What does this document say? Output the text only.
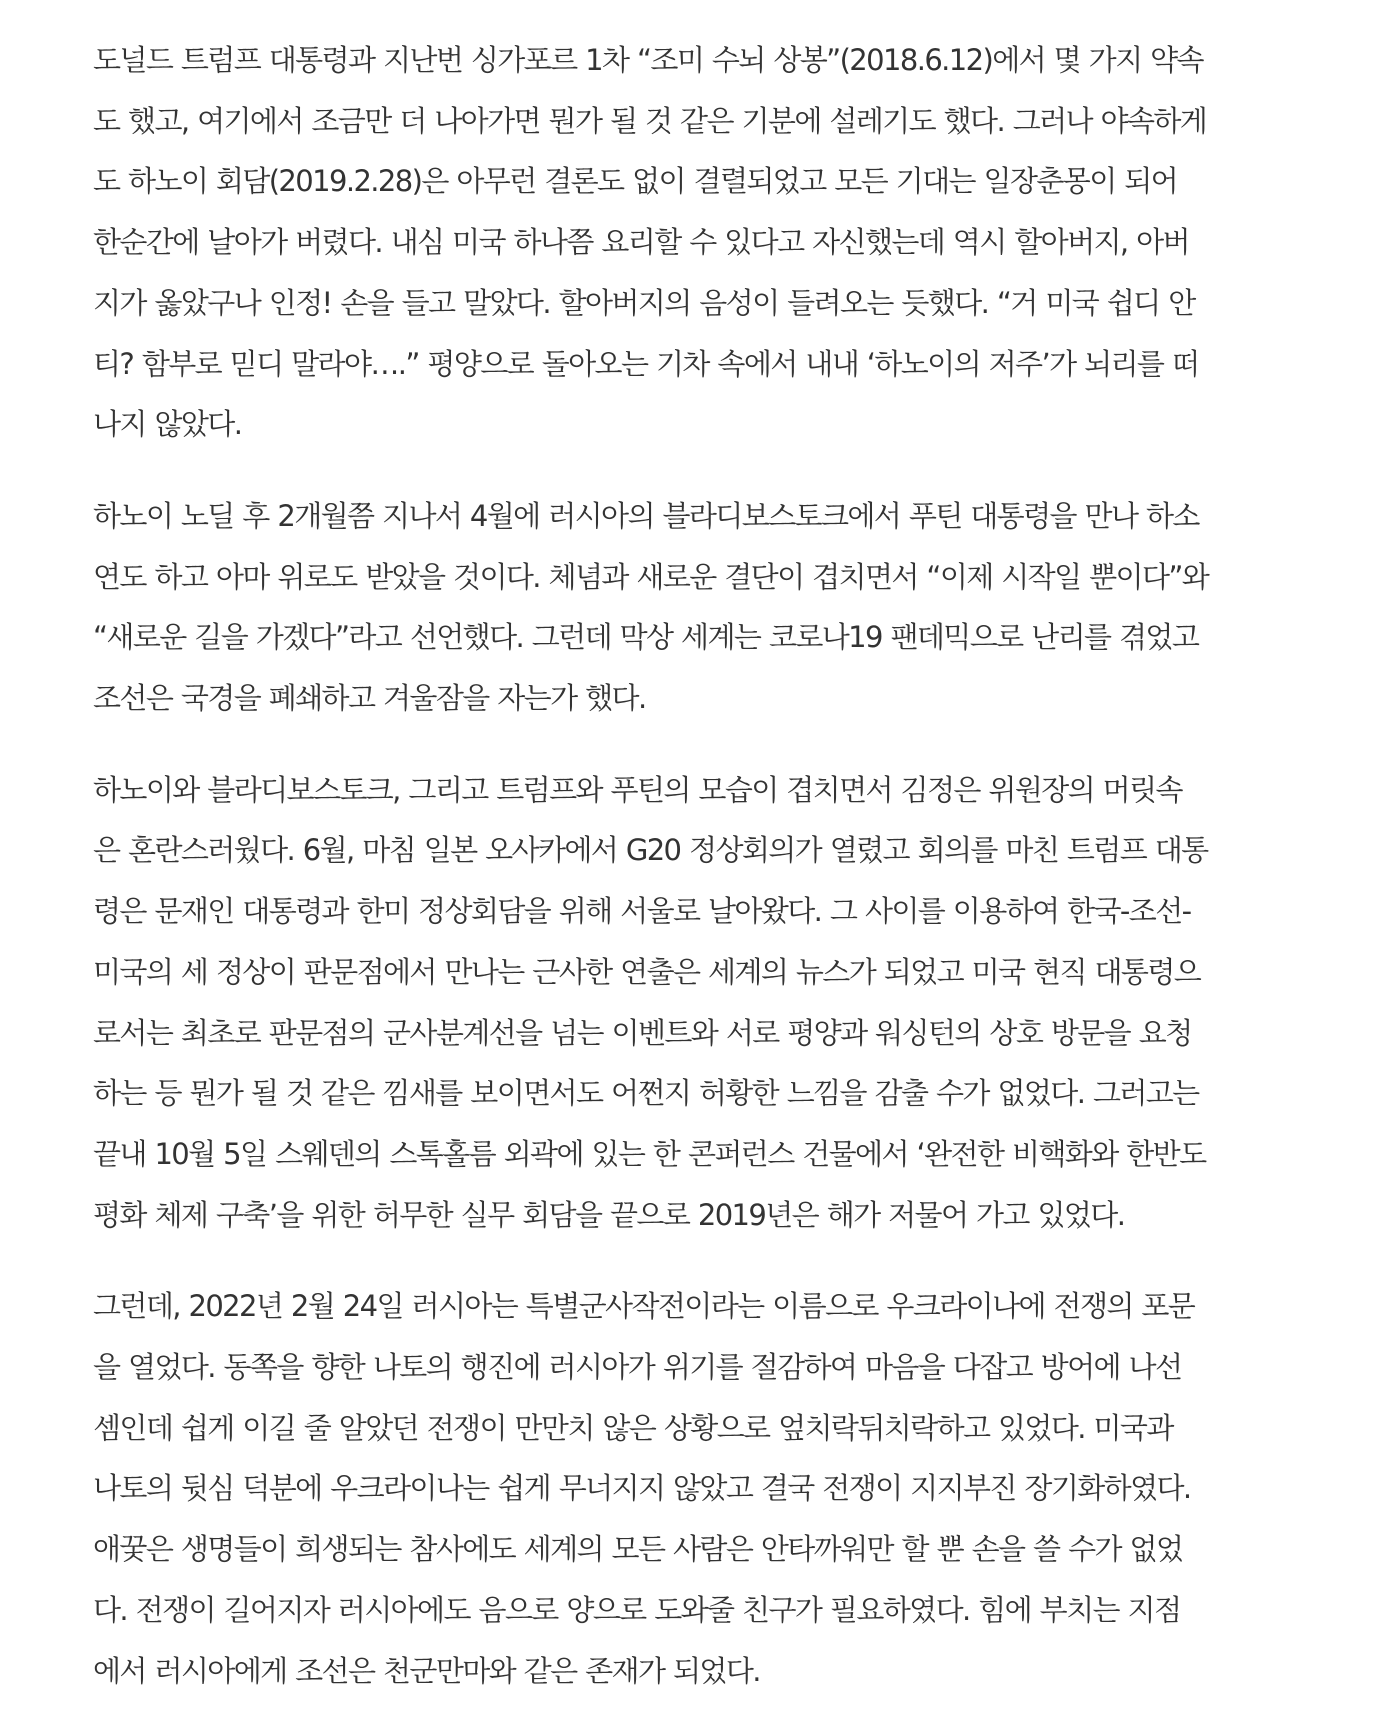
도널드 트럼프 대통령과 지난번 싱가포르 1차 “조미 수뇌 상봉”(2018.6.12)에서 몇 가지 약속
도 했고, 여기에서 조금만 더 나아가면 뭔가 될 것 같은 기분에 설레기도 했다. 그러나 야속하게
도 하노이 회담(2019.2.28)은 아무런 결론도 없이 결렬되었고 모든 기대는 일장춘몽이 되어
한순간에 날아가 버렸다. 내심 미국 하나쯤 요리할 수 있다고 자신했는데 역시 할아버지, 아버
지가 옳았구나 인정! 손을 들고 말았다. 할아버지의 음성이 들려오는 듯했다. “거 미국 쉽디 안
티? 함부로 믿디 말라야….” 평양으로 돌아오는 기차 속에서 내내 ‘하노이의 저주’가 뇌리를 떠
나지 않았다.

하노이 노딜 후 2개월쯤 지나서 4월에 러시아의 블라디보스토크에서 푸틴 대통령을 만나 하소
연도 하고 아마 위로도 받았을 것이다. 체념과 새로운 결단이 겹치면서 “이제 시작일 뿐이다”와
“새로운 길을 가겠다”라고 선언했다. 그런데 막상 세계는 코로나19 팬데믹으로 난리를 겪었고
조선은 국경을 폐쇄하고 겨울잠을 자는가 했다.

하노이와 블라디보스토크, 그리고 트럼프와 푸틴의 모습이 겹치면서 김정은 위원장의 머릿속
은 혼란스러웠다. 6월, 마침 일본 오사카에서 G20 정상회의가 열렸고 회의를 마친 트럼프 대통
령은 문재인 대통령과 한미 정상회담을 위해 서울로 날아왔다. 그 사이를 이용하여 한국-조선-
미국의 세 정상이 판문점에서 만나는 근사한 연출은 세계의 뉴스가 되었고 미국 현직 대통령으
로서는 최초로 판문점의 군사분계선을 넘는 이벤트와 서로 평양과 워싱턴의 상호 방문을 요청
하는 등 뭔가 될 것 같은 낌새를 보이면서도 어쩐지 허황한 느낌을 감출 수가 없었다. 그러고는
끝내 10월 5일 스웨덴의 스톡홀름 외곽에 있는 한 콘퍼런스 건물에서 ‘완전한 비핵화와 한반도
평화 체제 구축’을 위한 허무한 실무 회담을 끝으로 2019년은 해가 저물어 가고 있었다.

그런데, 2022년 2월 24일 러시아는 특별군사작전이라는 이름으로 우크라이나에 전쟁의 포문
을 열었다. 동쪽을 향한 나토의 행진에 러시아가 위기를 절감하여 마음을 다잡고 방어에 나선
셈인데 쉽게 이길 줄 알았던 전쟁이 만만치 않은 상황으로 엎치락뒤치락하고 있었다. 미국과
나토의 뒷심 덕분에 우크라이나는 쉽게 무너지지 않았고 결국 전쟁이 지지부진 장기화하였다.
애꿎은 생명들이 희생되는 참사에도 세계의 모든 사람은 안타까워만 할 뿐 손을 쓸 수가 없었
다. 전쟁이 길어지자 러시아에도 음으로 양으로 도와줄 친구가 필요하였다. 힘에 부치는 지점
에서 러시아에게 조선은 천군만마와 같은 존재가 되었다.
